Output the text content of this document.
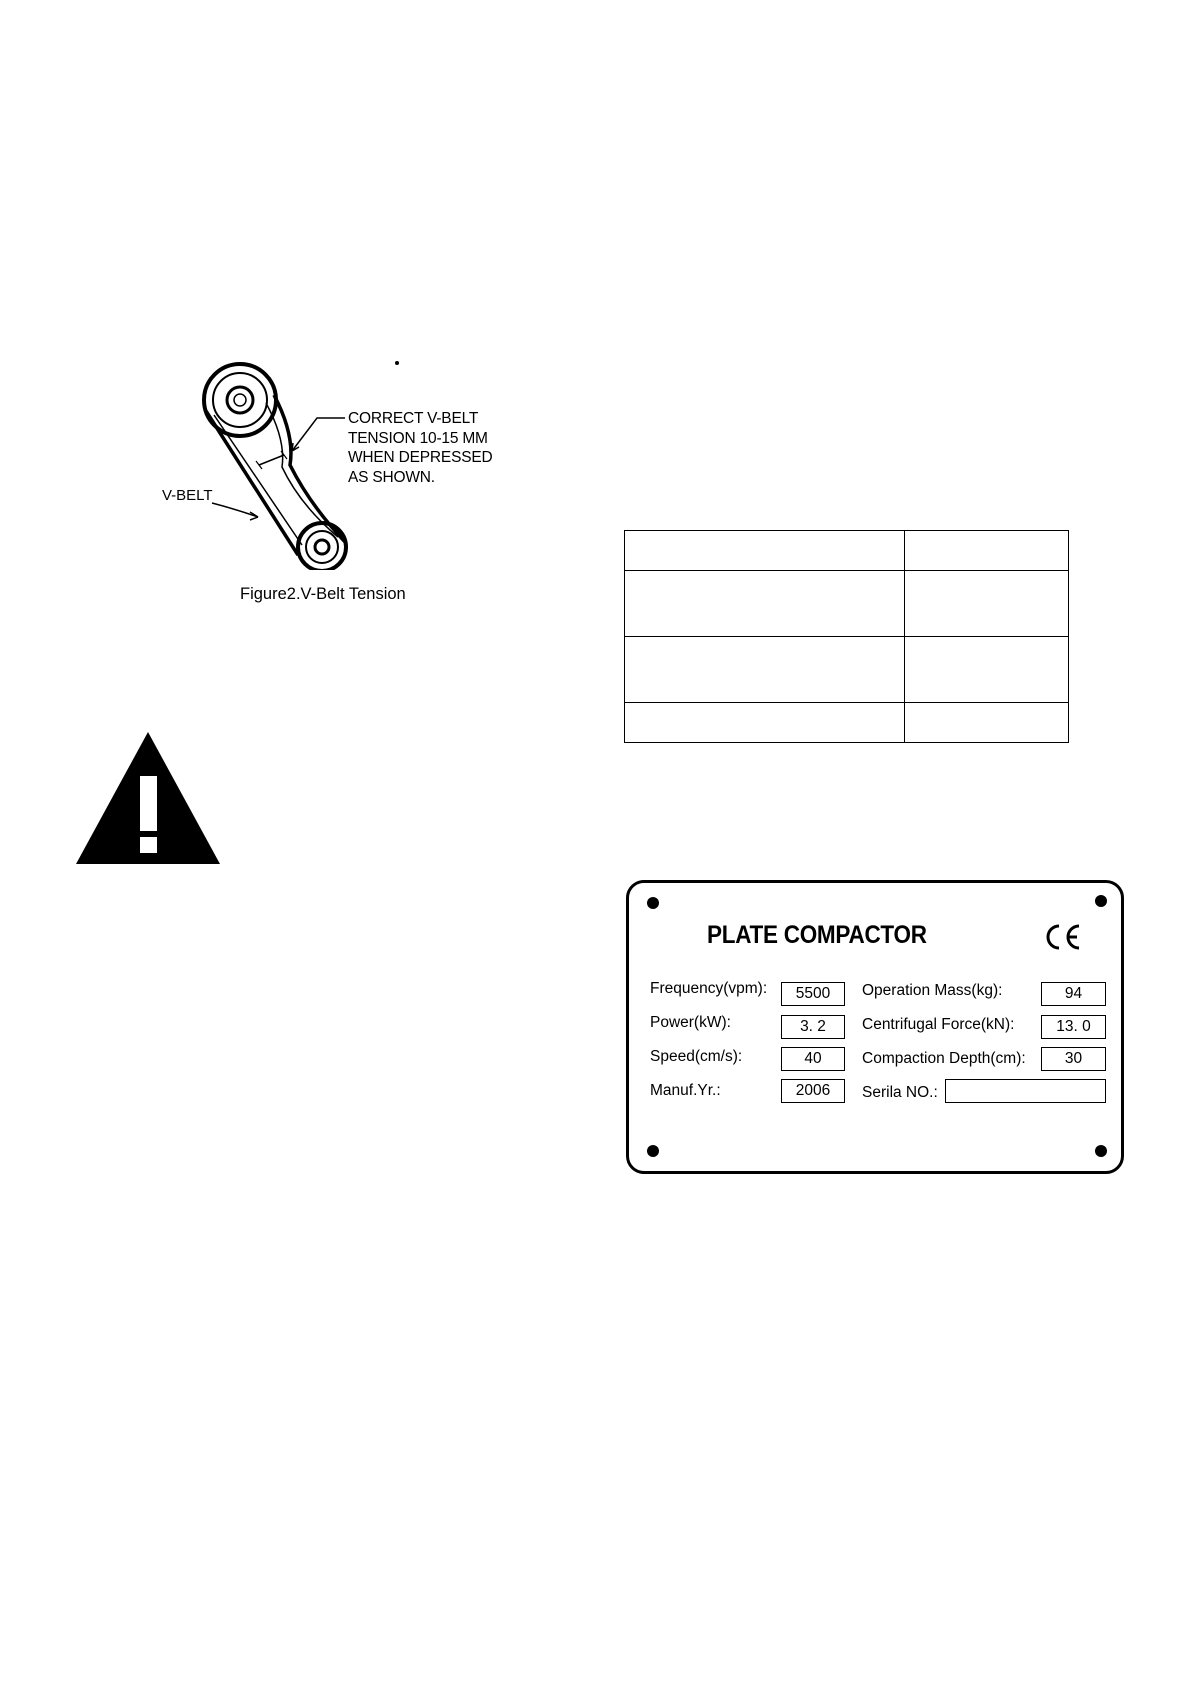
CORRECT V-BELT
TENSION 10-15 MM
WHEN DEPRESSED
AS SHOWN.
V-BELT
Figure2.V-Belt Tension

PLATE COMPACTOR
Frequency(vpm):	5500
Power(kW):	3. 2
Speed(cm/s):	40
Manuf.Yr.:	2006
Operation Mass(kg):	94
Centrifugal Force(kN):	13. 0
Compaction Depth(cm):	30
Serila NO.:
